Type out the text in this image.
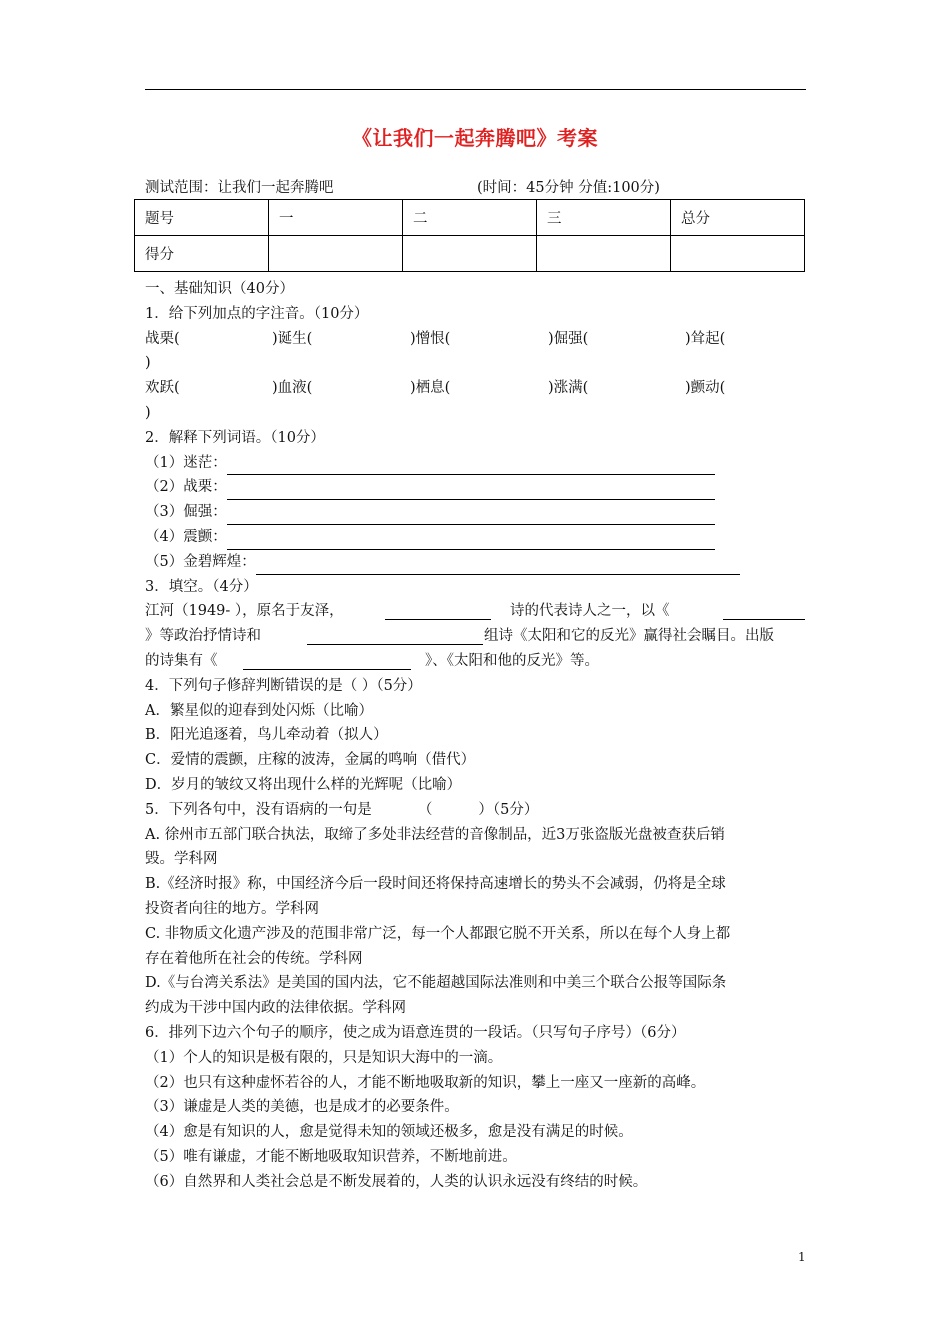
《让我们一起奔腾吧》考案
测试范围：让我们一起奔腾吧	(时间：45分钟 分值:100分)
题号	一	二	三	总分
得分				

一、基础知识（40分）

1．给下列加点的字注音。（10分）

战栗(	)诞生(	)憎恨(	)倔强(	)耸起(

)

欢跃(	)血液(	)栖息(	)涨满(	)颤动(

)

2．解释下列词语。（10分）

（1）迷茫：

（2）战栗：

（3）倔强：

（4）震颤：

（5）金碧辉煌：

3．填空。（4分）

江河（1949- ），原名于友泽，	诗的代表诗人之一，以《

》等政治抒情诗和	组诗《太阳和它的反光》赢得社会瞩目。出版

的诗集有《	》、《太阳和他的反光》等。

4．下列句子修辞判断错误的是（ ）（5分）

A．繁星似的迎春到处闪烁（比喻）

B．阳光追逐着，鸟儿牵动着（拟人）

C．爱情的震颤，庄稼的波涛，金属的鸣响（借代）

D．岁月的皱纹又将出现什么样的光辉呢（比喻）

5．下列各句中，没有语病的一句是          （          ）（5分）

A. 徐州市五部门联合执法，取缔了多处非法经营的音像制品，近3万张盗版光盘被查获后销

毁。学科网

B.《经济时报》称，中国经济今后一段时间还将保持高速增长的势头不会减弱，仍将是全球

投资者向往的地方。学科网

C. 非物质文化遗产涉及的范围非常广泛，每一个人都跟它脱不开关系，所以在每个人身上都

存在着他所在社会的传统。学科网

D.《与台湾关系法》是美国的国内法，它不能超越国际法准则和中美三个联合公报等国际条

约成为干涉中国内政的法律依据。学科网

6．排列下边六个句子的顺序，使之成为语意连贯的一段话。（只写句子序号）（6分）

（1）个人的知识是极有限的，只是知识大海中的一滴。

（2）也只有这种虚怀若谷的人，才能不断地吸取新的知识，攀上一座又一座新的高峰。

（3）谦虚是人类的美德，也是成才的必要条件。

（4）愈是有知识的人，愈是觉得未知的领域还极多，愈是没有满足的时候。

（5）唯有谦虚，才能不断地吸取知识营养，不断地前进。

（6）自然界和人类社会总是不断发展着的，人类的认识永远没有终结的时候。

1
